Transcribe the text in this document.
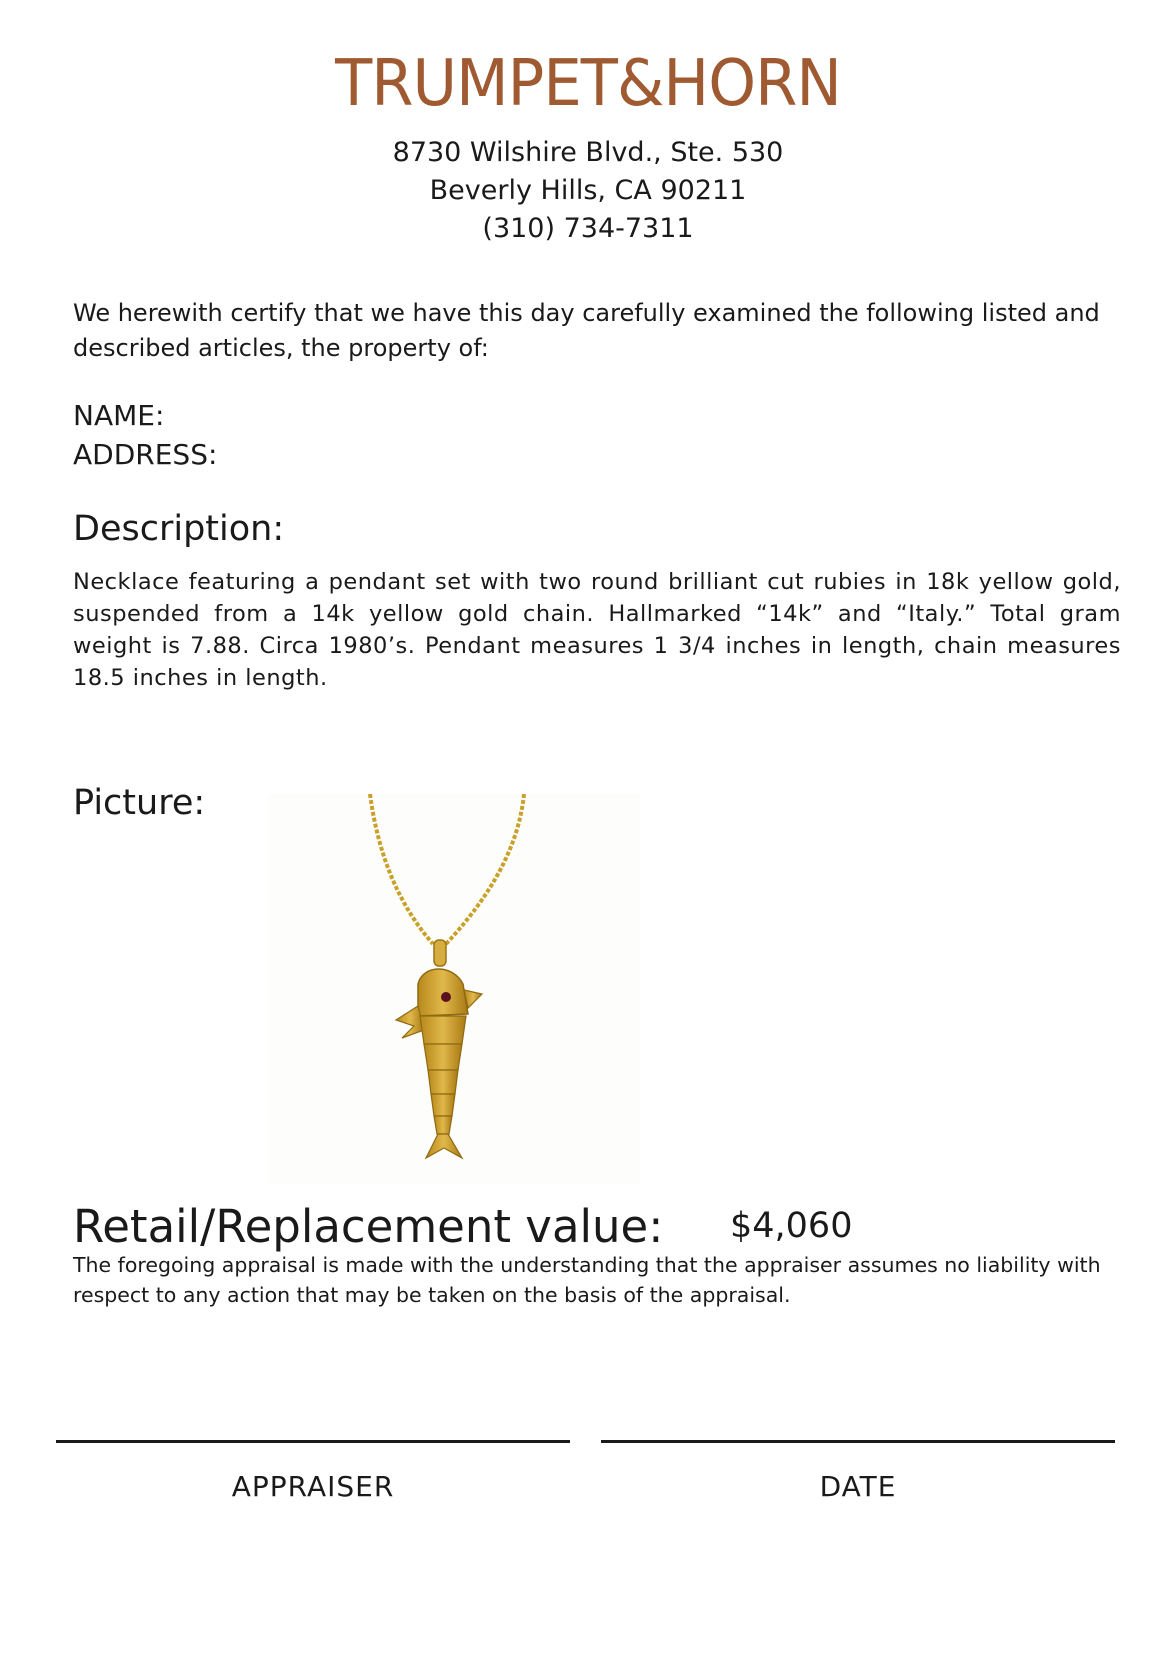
TRUMPET&HORN
8730 Wilshire Blvd., Ste. 530
Beverly Hills, CA 90211
(310) 734-7311
We herewith certify that we have this day carefully examined the following listed and described articles, the property of:
NAME:
ADDRESS:
Description:
Necklace featuring a pendant set with two round brilliant cut rubies in 18k yellow gold, suspended from a 14k yellow gold chain. Hallmarked “14k” and “Italy.” Total gram weight is 7.88. Circa 1980’s. Pendant measures 1 3/4 inches in length, chain measures 18.5 inches in length.
Picture:
Retail/Replacement value: $4,060
The foregoing appraisal is made with the understanding that the appraiser assumes no liability with respect to any action that may be taken on the basis of the appraisal.
APPRAISER	DATE
